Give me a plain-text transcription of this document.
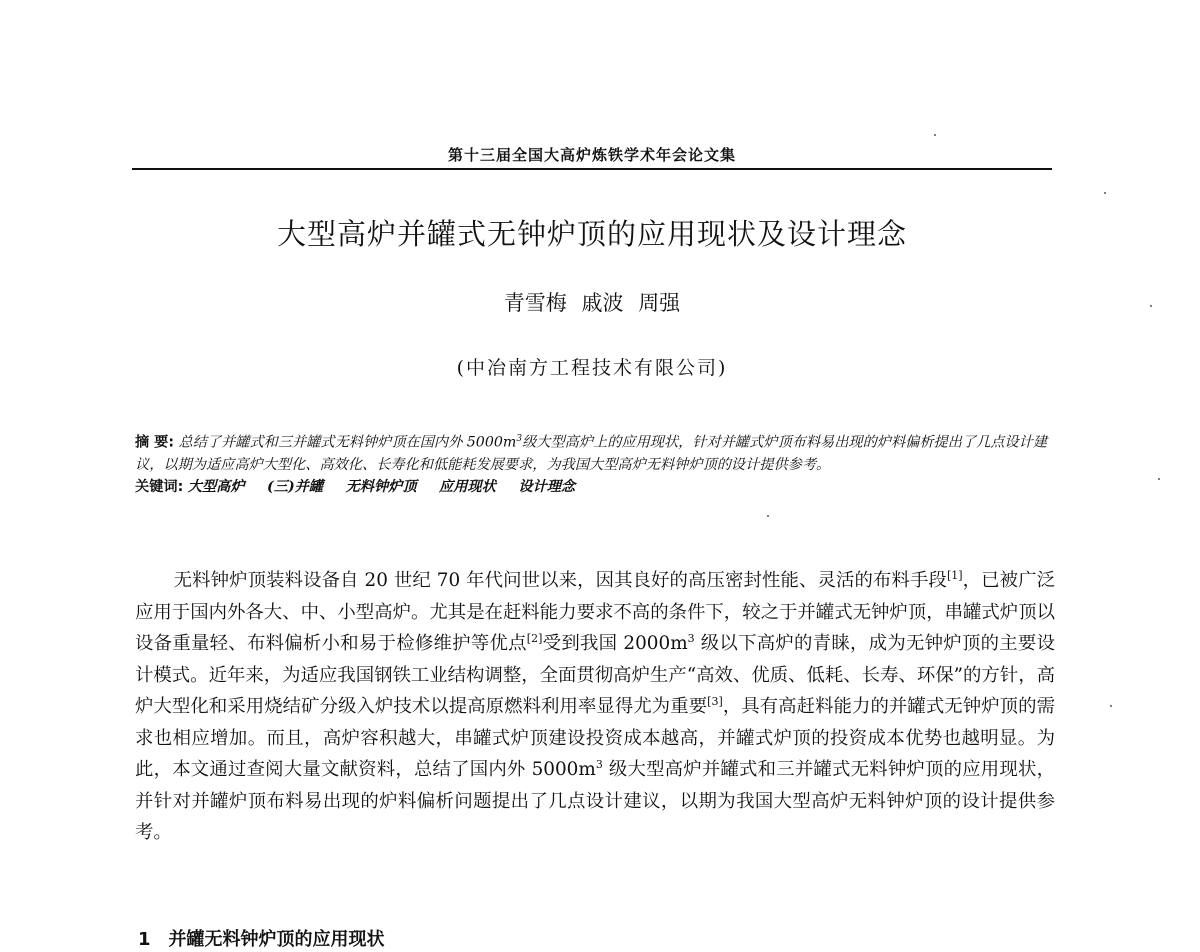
第十三届全国大高炉炼铁学术年会论文集
大型高炉并罐式无钟炉顶的应用现状及设计理念
青雪梅 戚波 周强
(中冶南方工程技术有限公司)
摘 要: 总结了并罐式和三并罐式无料钟炉顶在国内外 $5000m^3$级大型高炉上的应用现状，针对并罐式炉顶布料易出现的炉料偏析提出了几点设计建议，以期为适应高炉大型化、高效化、长寿化和低能耗发展要求，为我国大型高炉无料钟炉顶的设计提供参考。
关键词: 大型高炉 (三)并罐 无料钟炉顶 应用现状 设计理念

无料钟炉顶装料设备自 20 世纪 70 年代问世以来，因其良好的高压密封性能、灵活的布料手段[1]，已被广泛应用于国内外各大、中、小型高炉。尤其是在赶料能力要求不高的条件下，较之于并罐式无钟炉顶，串罐式炉顶以设备重量轻、布料偏析小和易于检修维护等优点[2]受到我国 $2000m^3$ 级以下高炉的青睐，成为无钟炉顶的主要设计模式。近年来，为适应我国钢铁工业结构调整，全面贯彻高炉生产“高效、优质、低耗、长寿、环保”的方针，高炉大型化和采用烧结矿分级入炉技术以提高原燃料利用率显得尤为重要[3]，具有高赶料能力的并罐式无钟炉顶的需求也相应增加。而且，高炉容积越大，串罐式炉顶建设投资成本越高，并罐式炉顶的投资成本优势也越明显。为此，本文通过查阅大量文献资料，总结了国内外 $5000m^3$ 级大型高炉并罐式和三并罐式无料钟炉顶的应用现状，并针对并罐炉顶布料易出现的炉料偏析问题提出了几点设计建议，以期为我国大型高炉无料钟炉顶的设计提供参考。

1 并罐无料钟炉顶的应用现状
